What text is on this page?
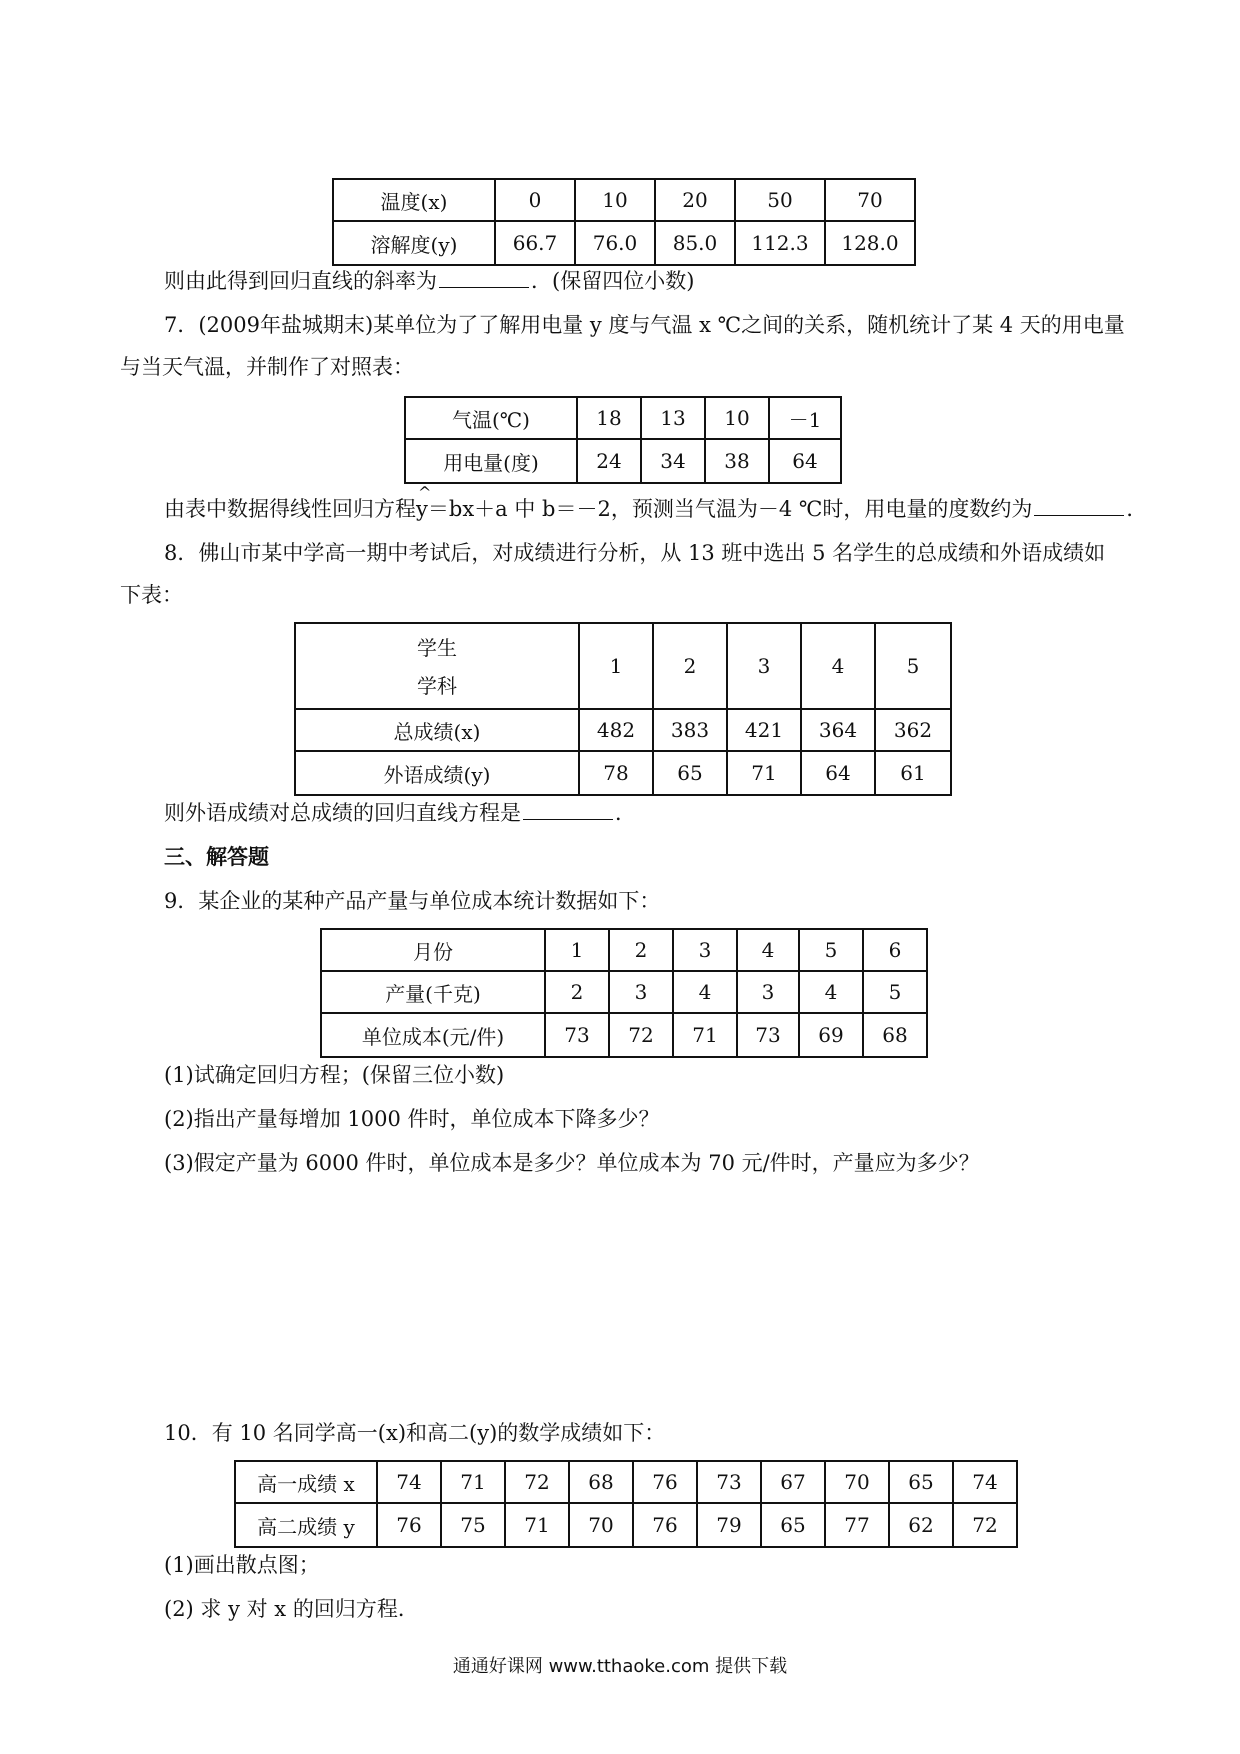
温度(x)	0	10	20	50	70
溶解度(y)	66.7	76.0	85.0	112.3	128.0
则由此得到回归直线的斜率为	．(保留四位小数)
7．(2009年盐城期末)某单位为了了解用电量 y 度与气温 x ℃之间的关系，随机统计了某 4 天的用电量
与当天气温，并制作了对照表：
气温(℃)	18	13	10	－1
用电量(度)	24	34	38	64
由表中数据得线性回归方程^ y＝bx＋a 中 b＝－2，预测当气温为－4 ℃时，用电量的度数约为	．
8．佛山市某中学高一期中考试后，对成绩进行分析，从 13 班中选出 5 名学生的总成绩和外语成绩如
下表：
学生
学科	1	2	3	4	5
总成绩(x)	482	383	421	364	362
外语成绩(y)	78	65	71	64	61
则外语成绩对总成绩的回归直线方程是	．
三、解答题
9．某企业的某种产品产量与单位成本统计数据如下：
月份	1	2	3	4	5	6
产量(千克)	2	3	4	3	4	5
单位成本(元/件)	73	72	71	73	69	68
(1)试确定回归方程；(保留三位小数)
(2)指出产量每增加 1000 件时，单位成本下降多少？
(3)假定产量为 6000 件时，单位成本是多少？单位成本为 70 元/件时，产量应为多少？
10．有 10 名同学高一(x)和高二(y)的数学成绩如下：
高一成绩 x	74	71	72	68	76	73	67	70	65	74
高二成绩 y	76	75	71	70	76	79	65	77	62	72
(1)画出散点图；
(2) 求 y 对 x 的回归方程．
通通好课网 www.tthaoke.com 提供下载
